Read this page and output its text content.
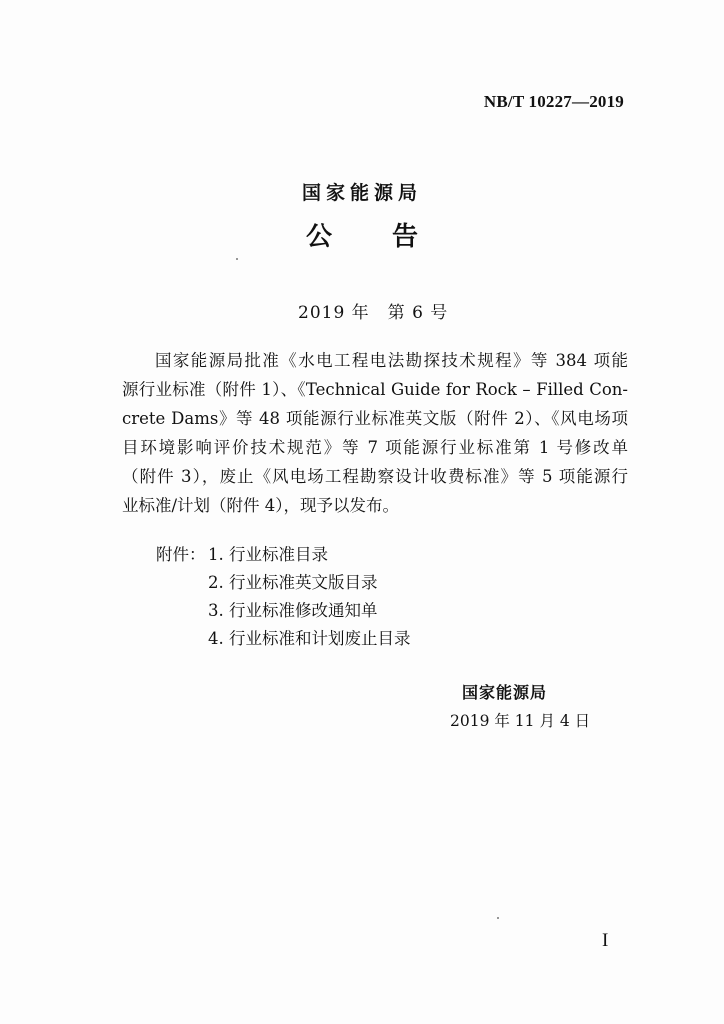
NB/T 10227—2019
国家能源局
公告
2019 年　第 6 号
国家能源局批准《水电工程电法勘探技术规程》等 384 项能
源行业标准（附件 1）、《Technical Guide for Rock – Filled Con-
crete Dams》等 48 项能源行业标准英文版（附件 2）、《风电场项
目环境影响评价技术规范》等 7 项能源行业标准第 1 号修改单
（附件 3），废止《风电场工程勘察设计收费标准》等 5 项能源行
业标准/计划（附件 4），现予以发布。
附件： 1. 行业标准目录
2. 行业标准英文版目录
3. 行业标准修改通知单
4. 行业标准和计划废止目录
国家能源局
2019 年 11 月 4 日
I
